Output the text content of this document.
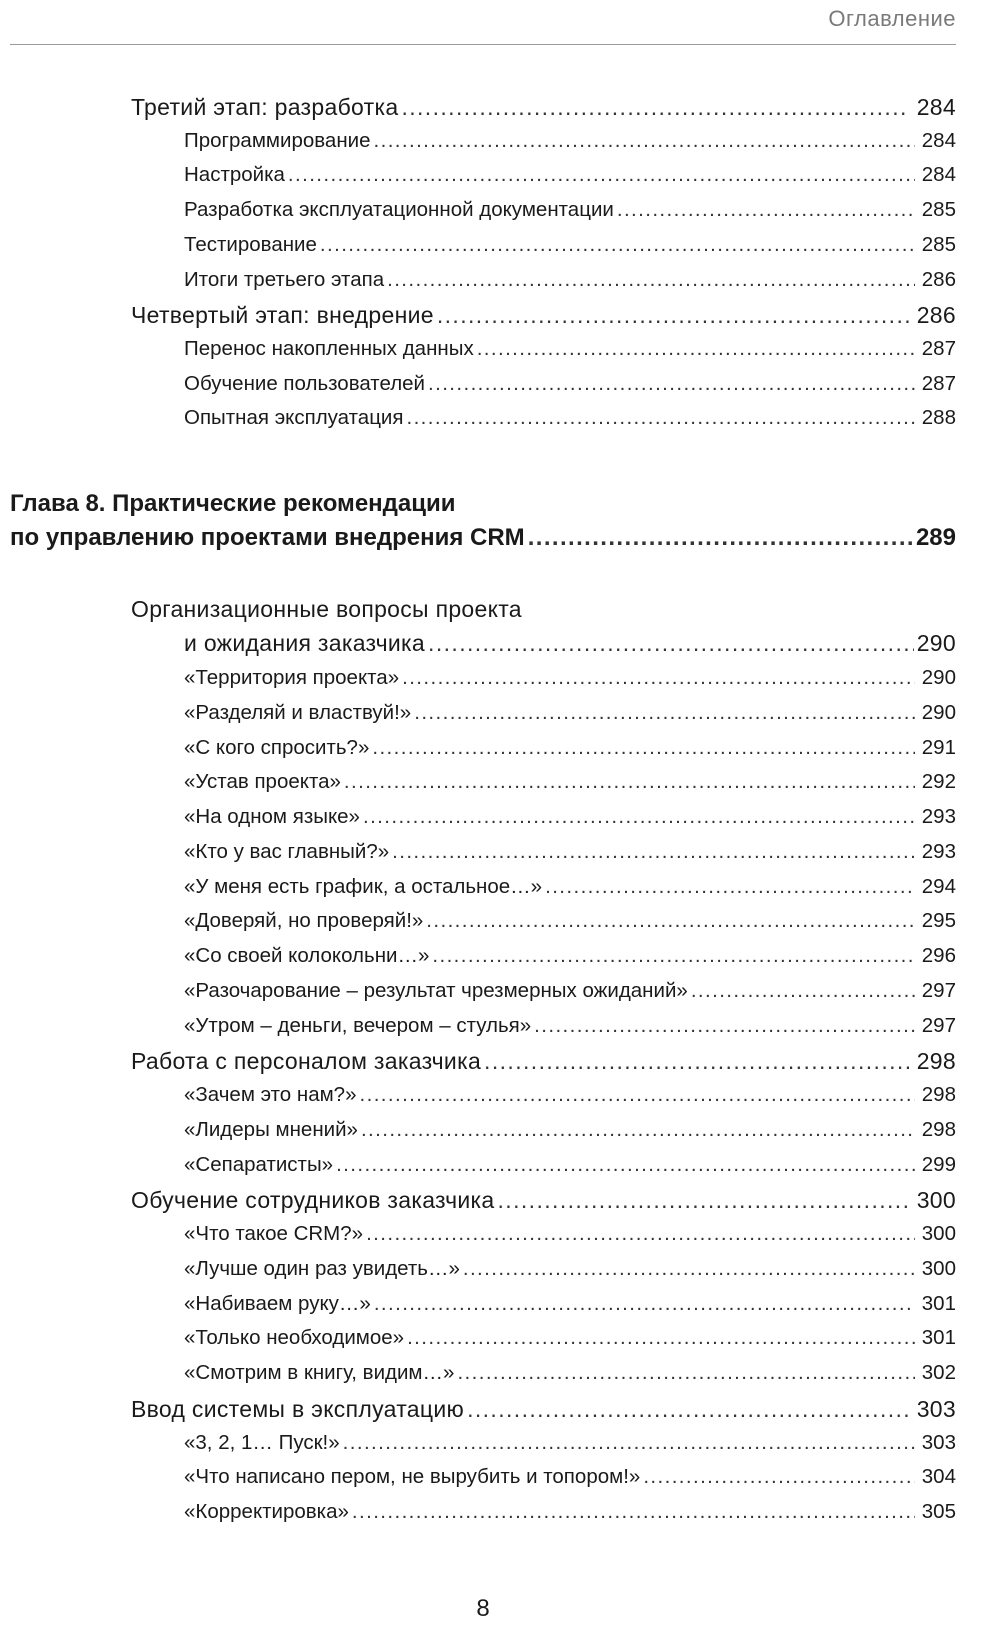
Оглавление
Третий этап: разработка .....	284
Программирование .....	284
Настройка .....	284
Разработка эксплуатационной документации .....	285
Тестирование .....	285
Итоги третьего этапа .....	286
Четвертый этап: внедрение .....	286
Перенос накопленных данных .....	287
Обучение пользователей .....	287
Опытная эксплуатация .....	288
Глава 8. Практические рекомендации
по управлению проектами внедрения CRM .....	289
Организационные вопросы проекта
и ожидания заказчика .....	290
«Территория проекта» .....	290
«Разделяй и властвуй!» .....	290
«С кого спросить?» .....	291
«Устав проекта» .....	292
«На одном языке» .....	293
«Кто у вас главный?» .....	293
«У меня есть график, а остальное…» .....	294
«Доверяй, но проверяй!» .....	295
«Со своей колокольни…» .....	296
«Разочарование – результат чрезмерных ожиданий» .....	297
«Утром – деньги, вечером – стулья» .....	297
Работа с персоналом заказчика .....	298
«Зачем это нам?» .....	298
«Лидеры мнений» .....	298
«Сепаратисты» .....	299
Обучение сотрудников заказчика .....	300
«Что такое CRM?» .....	300
«Лучше один раз увидеть…» .....	300
«Набиваем руку…» .....	301
«Только необходимое» .....	301
«Смотрим в книгу, видим…» .....	302
Ввод системы в эксплуатацию .....	303
«3, 2, 1… Пуск!» .....	303
«Что написано пером, не вырубить и топором!» .....	304
«Корректировка» .....	305
8
